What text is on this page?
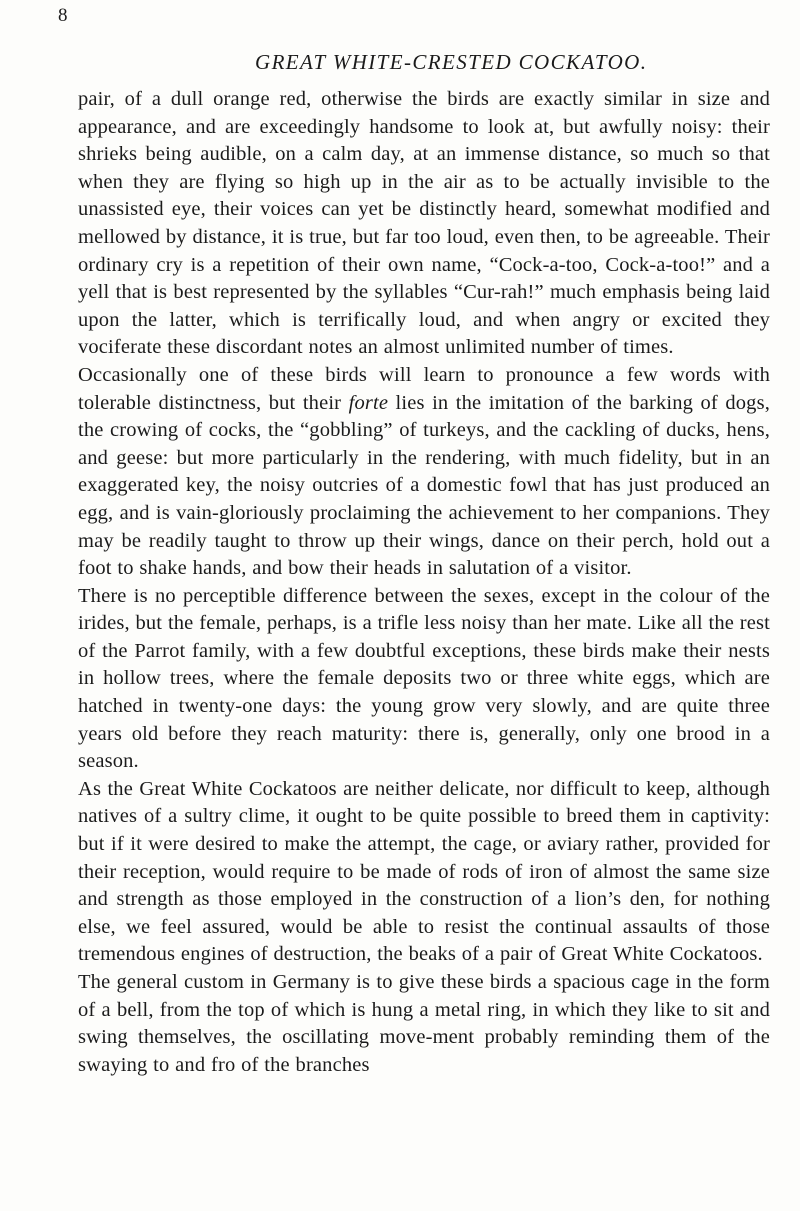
8
GREAT WHITE-CRESTED COCKATOO.

pair, of a dull orange red, otherwise the birds are exactly similar in size and appearance, and are exceedingly handsome to look at, but awfully noisy: their shrieks being audible, on a calm day, at an immense distance, so much so that when they are flying so high up in the air as to be actually invisible to the unassisted eye, their voices can yet be distinctly heard, somewhat modified and mellowed by distance, it is true, but far too loud, even then, to be agreeable. Their ordinary cry is a repetition of their own name, “Cock-a-too, Cock-a-too!” and a yell that is best represented by the syllables “Cur-rah!” much emphasis being laid upon the latter, which is terrifically loud, and when angry or excited they vociferate these discordant notes an almost unlimited number of times.

Occasionally one of these birds will learn to pronounce a few words with tolerable distinctness, but their forte lies in the imitation of the barking of dogs, the crowing of cocks, the “gobbling” of turkeys, and the cackling of ducks, hens, and geese: but more particularly in the rendering, with much fidelity, but in an exaggerated key, the noisy outcries of a domestic fowl that has just produced an egg, and is vain-gloriously proclaiming the achievement to her companions. They may be readily taught to throw up their wings, dance on their perch, hold out a foot to shake hands, and bow their heads in salutation of a visitor.

There is no perceptible difference between the sexes, except in the colour of the irides, but the female, perhaps, is a trifle less noisy than her mate. Like all the rest of the Parrot family, with a few doubtful exceptions, these birds make their nests in hollow trees, where the female deposits two or three white eggs, which are hatched in twenty-one days: the young grow very slowly, and are quite three years old before they reach maturity: there is, generally, only one brood in a season.

As the Great White Cockatoos are neither delicate, nor difficult to keep, although natives of a sultry clime, it ought to be quite possible to breed them in captivity: but if it were desired to make the attempt, the cage, or aviary rather, provided for their reception, would require to be made of rods of iron of almost the same size and strength as those employed in the construction of a lion’s den, for nothing else, we feel assured, would be able to resist the continual assaults of those tremendous engines of destruction, the beaks of a pair of Great White Cockatoos.

The general custom in Germany is to give these birds a spacious cage in the form of a bell, from the top of which is hung a metal ring, in which they like to sit and swing themselves, the oscillating move-ment probably reminding them of the swaying to and fro of the branches
